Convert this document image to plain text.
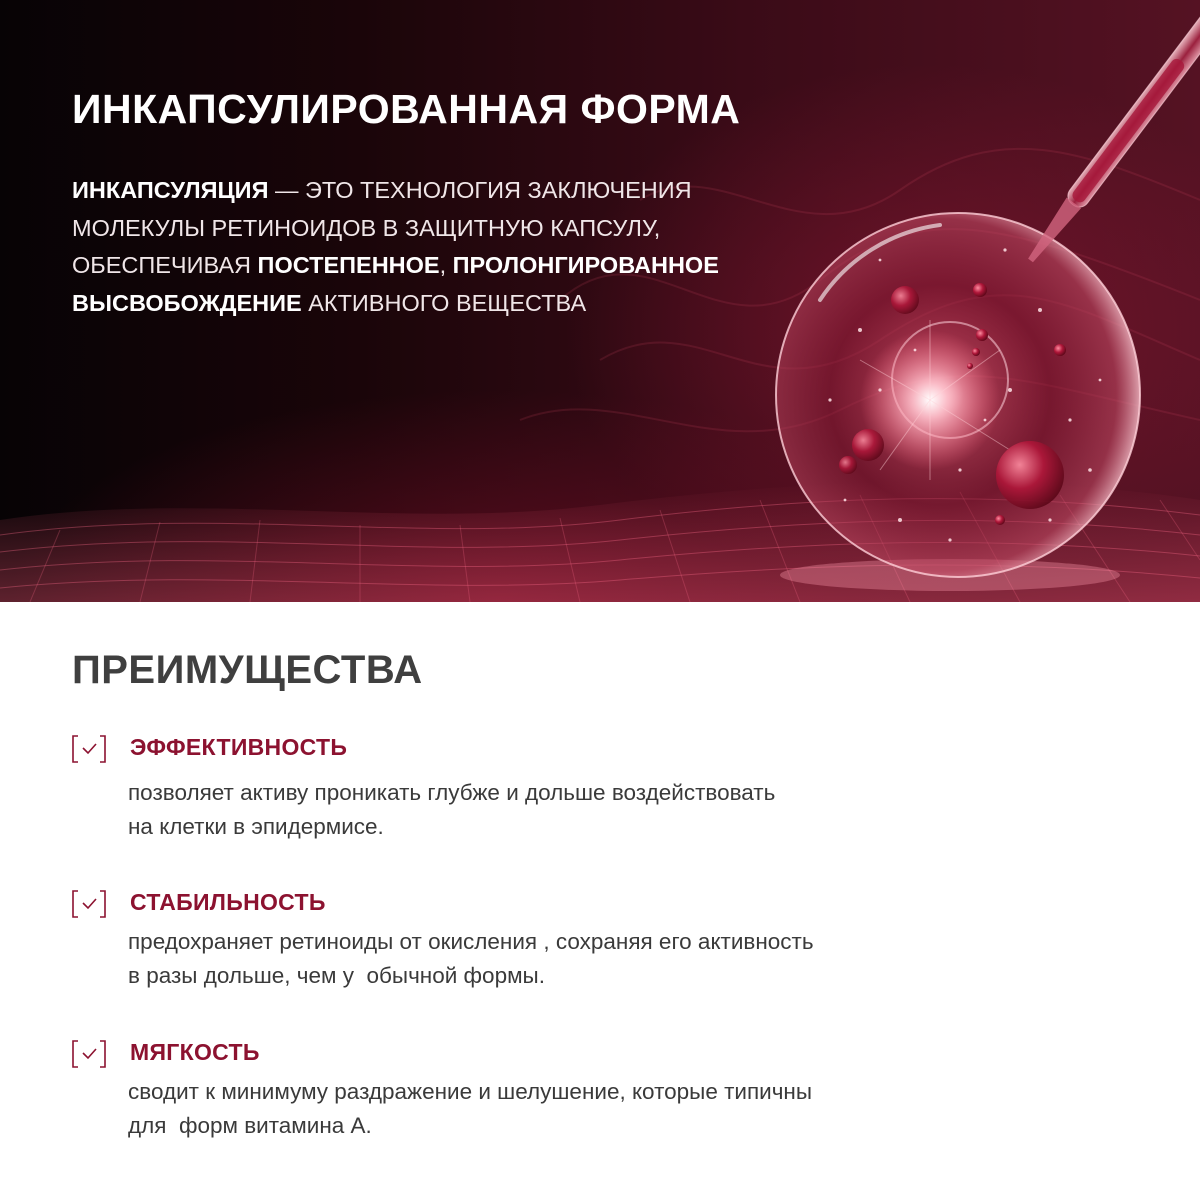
ИНКАПСУЛИРОВАННАЯ ФОРМА

ИНКАПСУЛЯЦИЯ — ЭТО ТЕХНОЛОГИЯ ЗАКЛЮЧЕНИЯ МОЛЕКУЛЫ РЕТИНОИДОВ В ЗАЩИТНУЮ КАПСУЛУ, ОБЕСПЕЧИВАЯ ПОСТЕПЕННОЕ, ПРОЛОНГИРОВАННОЕ ВЫСВОБОЖДЕНИЕ АКТИВНОГО ВЕЩЕСТВА

ПРЕИМУЩЕСТВА

ЭФФЕКТИВНОСТЬ

позволяет активу проникать глубже и дольше воздействовать
на клетки в эпидермисе.

СТАБИЛЬНОСТЬ

предохраняет ретиноиды от окисления , сохраняя его активность
в разы дольше, чем у  обычной формы.

МЯГКОСТЬ

сводит к минимуму раздражение и шелушение, которые типичны
для  форм витамина А.
